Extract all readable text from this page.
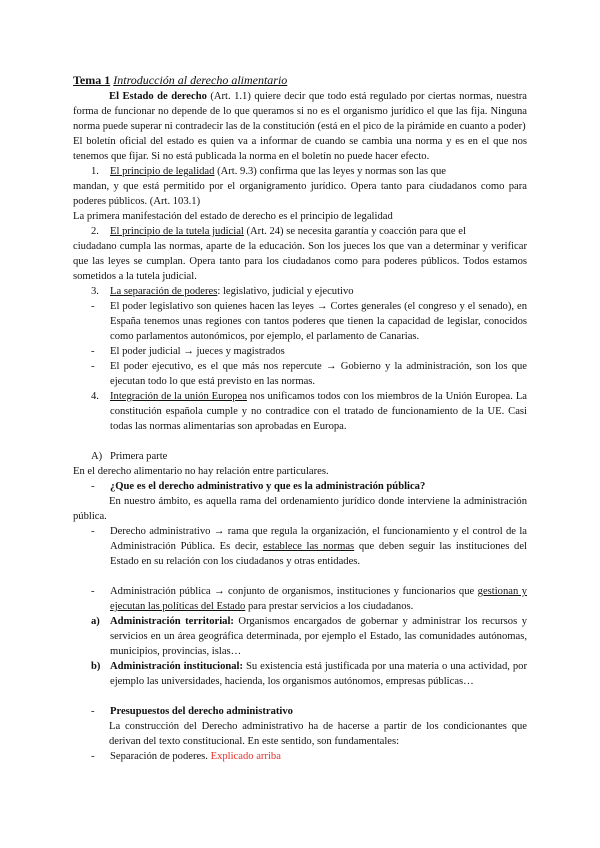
Tema 1 Introducción al derecho alimentario

El Estado de derecho (Art. 1.1) quiere decir que todo está regulado por ciertas normas, nuestra forma de funcionar no depende de lo que queramos si no es el organismo jurídico el que las fija. Ninguna norma puede superar ni contradecir las de la constitución (está en el pico de la pirámide en cuanto a poder)

El boletín oficial del estado es quien va a informar de cuando se cambia una norma y es en el que nos tenemos que fijar. Si no está publicada la norma en el boletín no puede hacer efecto.

1.	El principio de legalidad (Art. 9.3) confirma que las leyes y normas son las que

mandan, y que está permitido por el organigramento jurídico. Opera tanto para ciudadanos como para poderes públicos. (Art. 103.1)

La primera manifestación del estado de derecho es el principio de legalidad

2.	El principio de la tutela judicial (Art. 24) se necesita garantía y coacción para que el

ciudadano cumpla las normas, aparte de la educación. Son los jueces los que van a determinar y verificar que las leyes se cumplan. Opera tanto para los ciudadanos como para poderes públicos. Todos estamos sometidos a la tutela judicial.

3.	La separación de poderes: legislativo, judicial y ejecutivo
-	El poder legislativo son quienes hacen las leyes → Cortes generales (el congreso y el senado), en España tenemos unas regiones con tantos poderes que tienen la capacidad de legislar, conocidos como parlamentos autonómicos, por ejemplo, el parlamento de Canarias.
-	El poder judicial → jueces y magistrados
-	El poder ejecutivo, es el que más nos repercute → Gobierno y la administración, son los que ejecutan todo lo que está previsto en las normas.
4.	Integración de la unión Europea nos unificamos todos con los miembros de la Unión Europea. La constitución española cumple y no contradice con el tratado de funcionamiento de la UE. Casi todas las normas alimentarias son aprobadas en Europa.
A) Primera parte

En el derecho alimentario no hay relación entre particulares.

-	¿Que es el derecho administrativo y que es la administración pública?

En nuestro ámbito, es aquella rama del ordenamiento jurídico donde interviene la administración pública.

-	Derecho administrativo → rama que regula la organización, el funcionamiento y el control de la Administración Pública. Es decir, establece las normas que deben seguir las instituciones del Estado en su relación con los ciudadanos y otras entidades.
-	Administración pública → conjunto de organismos, instituciones y funcionarios que gestionan y ejecutan las políticas del Estado para prestar servicios a los ciudadanos.
a) Administración territorial: Organismos encargados de gobernar y administrar los recursos y servicios en un área geográfica determinada, por ejemplo el Estado, las comunidades autónomas, municipios, provincias, islas…
b) Administración institucional: Su existencia está justificada por una materia o una actividad, por ejemplo las universidades, hacienda, los organismos autónomos, empresas públicas…
-	Presupuestos del derecho administrativo

La construcción del Derecho administrativo ha de hacerse a partir de los condicionantes que derivan del texto constitucional. En este sentido, son fundamentales:

-	Separación de poderes. Explicado arriba
